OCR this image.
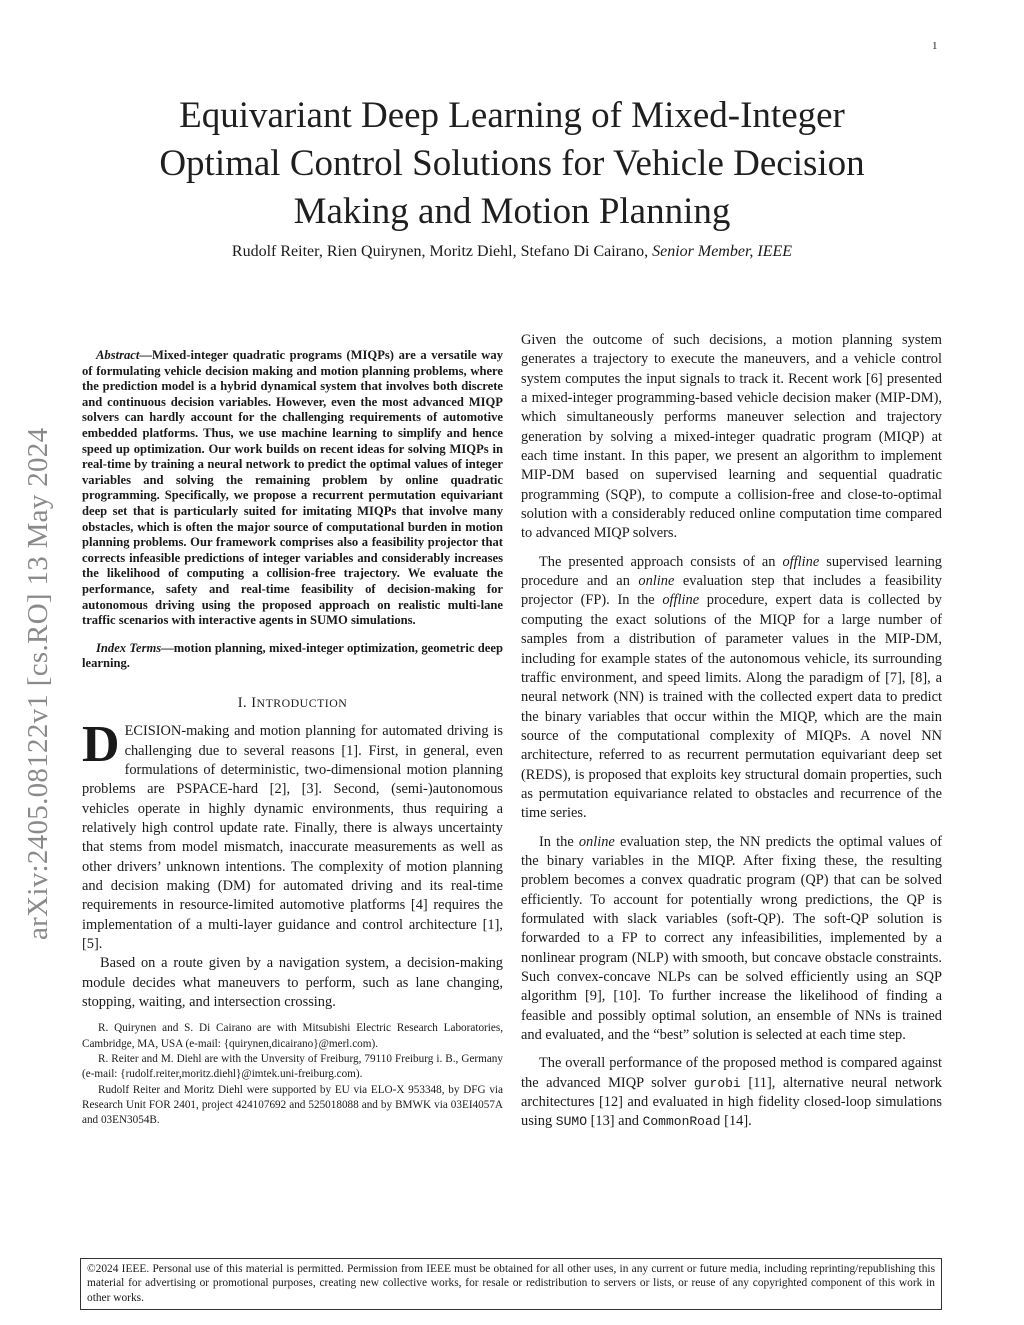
1
arXiv:2405.08122v1 [cs.RO] 13 May 2024
Equivariant Deep Learning of Mixed-Integer
Optimal Control Solutions for Vehicle Decision
Making and Motion Planning
Rudolf Reiter, Rien Quirynen, Moritz Diehl, Stefano Di Cairano, Senior Member, IEEE

Abstract—Mixed-integer quadratic programs (MIQPs) are a versatile way of formulating vehicle decision making and motion planning problems, where the prediction model is a hybrid dynamical system that involves both discrete and continuous decision variables. However, even the most advanced MIQP solvers can hardly account for the challenging requirements of automotive embedded platforms. Thus, we use machine learning to simplify and hence speed up optimization. Our work builds on recent ideas for solving MIQPs in real-time by training a neural network to predict the optimal values of integer variables and solving the remaining problem by online quadratic programming. Specifically, we propose a recurrent permutation equivariant deep set that is particularly suited for imitating MIQPs that involve many obstacles, which is often the major source of computational burden in motion planning problems. Our framework comprises also a feasibility projector that corrects infeasible predictions of integer variables and considerably increases the likelihood of computing a collision-free trajectory. We evaluate the performance, safety and real-time feasibility of decision-making for autonomous driving using the proposed approach on realistic multi-lane traffic scenarios with interactive agents in SUMO simulations.

Index Terms—motion planning, mixed-integer optimization, geometric deep learning.

I. INTRODUCTION

DECISION-making and motion planning for automated driving is challenging due to several reasons [1]. First, in general, even formulations of deterministic, two-dimensional motion planning problems are PSPACE-hard [2], [3]. Second, (semi-)autonomous vehicles operate in highly dynamic environments, thus requiring a relatively high control update rate. Finally, there is always uncertainty that stems from model mismatch, inaccurate measurements as well as other drivers’ unknown intentions. The complexity of motion planning and decision making (DM) for automated driving and its real-time requirements in resource-limited automotive platforms [4] requires the implementation of a multi-layer guidance and control architecture [1], [5].

Based on a route given by a navigation system, a decision-making module decides what maneuvers to perform, such as lane changing, stopping, waiting, and intersection crossing.

R. Quirynen and S. Di Cairano are with Mitsubishi Electric Research Laboratories, Cambridge, MA, USA (e-mail: {quirynen,dicairano}@merl.com).

R. Reiter and M. Diehl are with the Unversity of Freiburg, 79110 Freiburg i. B., Germany (e-mail: {rudolf.reiter,moritz.diehl}@imtek.uni-freiburg.com).

Rudolf Reiter and Moritz Diehl were supported by EU via ELO-X 953348, by DFG via Research Unit FOR 2401, project 424107692 and 525018088 and by BMWK via 03EI4057A and 03EN3054B.

Given the outcome of such decisions, a motion planning system generates a trajectory to execute the maneuvers, and a vehicle control system computes the input signals to track it. Recent work [6] presented a mixed-integer programming-based vehicle decision maker (MIP-DM), which simultaneously performs maneuver selection and trajectory generation by solving a mixed-integer quadratic program (MIQP) at each time instant. In this paper, we present an algorithm to implement MIP-DM based on supervised learning and sequential quadratic programming (SQP), to compute a collision-free and close-to-optimal solution with a considerably reduced online computation time compared to advanced MIQP solvers.

The presented approach consists of an offline supervised learning procedure and an online evaluation step that includes a feasibility projector (FP). In the offline procedure, expert data is collected by computing the exact solutions of the MIQP for a large number of samples from a distribution of parameter values in the MIP-DM, including for example states of the autonomous vehicle, its surrounding traffic environment, and speed limits. Along the paradigm of [7], [8], a neural network (NN) is trained with the collected expert data to predict the binary variables that occur within the MIQP, which are the main source of the computational complexity of MIQPs. A novel NN architecture, referred to as recurrent permutation equivariant deep set (REDS), is proposed that exploits key structural domain properties, such as permutation equivariance related to obstacles and recurrence of the time series.

In the online evaluation step, the NN predicts the optimal values of the binary variables in the MIQP. After fixing these, the resulting problem becomes a convex quadratic program (QP) that can be solved efficiently. To account for potentially wrong predictions, the QP is formulated with slack variables (soft-QP). The soft-QP solution is forwarded to a FP to correct any infeasibilities, implemented by a nonlinear program (NLP) with smooth, but concave obstacle constraints. Such convex-concave NLPs can be solved efficiently using an SQP algorithm [9], [10]. To further increase the likelihood of finding a feasible and possibly optimal solution, an ensemble of NNs is trained and evaluated, and the “best” solution is selected at each time step.

The overall performance of the proposed method is compared against the advanced MIQP solver gurobi [11], alternative neural network architectures [12] and evaluated in high fidelity closed-loop simulations using SUMO [13] and CommonRoad [14].

©2024 IEEE. Personal use of this material is permitted. Permission from IEEE must be obtained for all other uses, in any current or future media, including reprinting/republishing this material for advertising or promotional purposes, creating new collective works, for resale or redistribution to servers or lists, or reuse of any copyrighted component of this work in other works.
